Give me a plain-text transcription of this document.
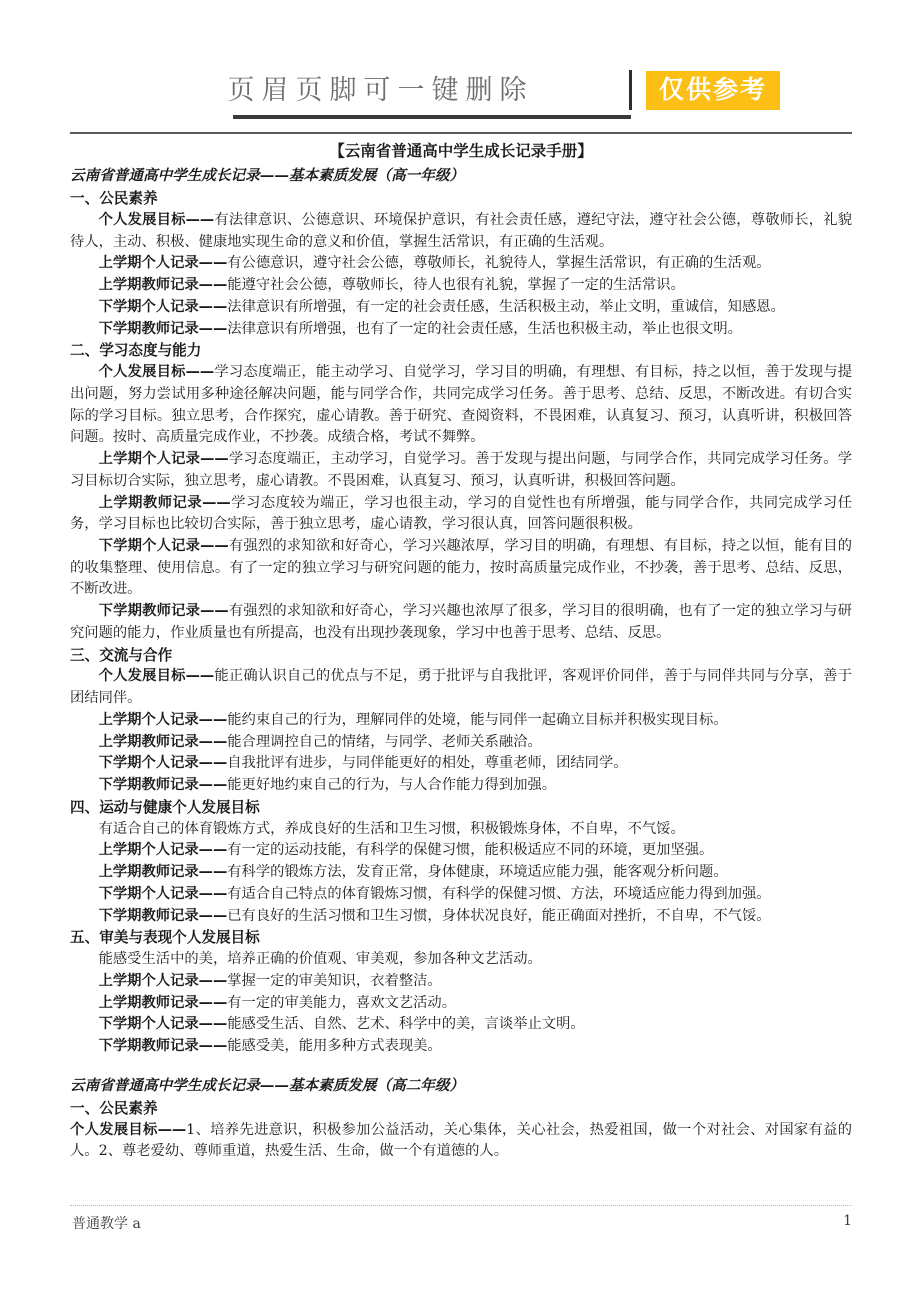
页眉页脚可一键删除	仅供参考
【云南省普通高中学生成长记录手册】
云南省普通高中学生成长记录——基本素质发展（高一年级）
一、公民素养

个人发展目标——有法律意识、公德意识、环境保护意识，有社会责任感，遵纪守法，遵守社会公德，尊敬师长，礼貌待人，主动、积极、健康地实现生命的意义和价值，掌握生活常识，有正确的生活观。

上学期个人记录——有公德意识，遵守社会公德，尊敬师长，礼貌待人，掌握生活常识，有正确的生活观。

上学期教师记录——能遵守社会公德，尊敬师长，待人也很有礼貌，掌握了一定的生活常识。

下学期个人记录——法律意识有所增强，有一定的社会责任感，生活积极主动，举止文明，重诚信，知感恩。

下学期教师记录——法律意识有所增强，也有了一定的社会责任感，生活也积极主动，举止也很文明。

二、学习态度与能力

个人发展目标——学习态度端正，能主动学习、自觉学习，学习目的明确，有理想、有目标，持之以恒，善于发现与提出问题，努力尝试用多种途径解决问题，能与同学合作，共同完成学习任务。善于思考、总结、反思，不断改进。有切合实际的学习目标。独立思考，合作探究，虚心请教。善于研究、查阅资料，不畏困难，认真复习、预习，认真听讲，积极回答问题。按时、高质量完成作业，不抄袭。成绩合格，考试不舞弊。

上学期个人记录——学习态度端正，主动学习，自觉学习。善于发现与提出问题，与同学合作，共同完成学习任务。学习目标切合实际，独立思考，虚心请教。不畏困难，认真复习、预习，认真听讲，积极回答问题。

上学期教师记录——学习态度较为端正，学习也很主动，学习的自觉性也有所增强，能与同学合作，共同完成学习任务，学习目标也比较切合实际，善于独立思考，虚心请教，学习很认真，回答问题很积极。

下学期个人记录——有强烈的求知欲和好奇心，学习兴趣浓厚，学习目的明确，有理想、有目标，持之以恒，能有目的的收集整理、使用信息。有了一定的独立学习与研究问题的能力，按时高质量完成作业，不抄袭，善于思考、总结、反思，不断改进。

下学期教师记录——有强烈的求知欲和好奇心，学习兴趣也浓厚了很多，学习目的很明确，也有了一定的独立学习与研究问题的能力，作业质量也有所提高，也没有出现抄袭现象，学习中也善于思考、总结、反思。

三、交流与合作

个人发展目标——能正确认识自己的优点与不足，勇于批评与自我批评，客观评价同伴，善于与同伴共同与分享，善于团结同伴。

上学期个人记录——能约束自己的行为，理解同伴的处境，能与同伴一起确立目标并积极实现目标。

上学期教师记录——能合理调控自己的情绪，与同学、老师关系融洽。

下学期个人记录——自我批评有进步，与同伴能更好的相处，尊重老师，团结同学。

下学期教师记录——能更好地约束自己的行为，与人合作能力得到加强。

四、运动与健康个人发展目标

有适合自己的体育锻炼方式，养成良好的生活和卫生习惯，积极锻炼身体，不自卑，不气馁。

上学期个人记录——有一定的运动技能，有科学的保健习惯，能积极适应不同的环境，更加坚强。

上学期教师记录——有科学的锻炼方法，发育正常，身体健康，环境适应能力强，能客观分析问题。

下学期个人记录——有适合自己特点的体育锻炼习惯，有科学的保健习惯、方法，环境适应能力得到加强。

下学期教师记录——已有良好的生活习惯和卫生习惯，身体状况良好，能正确面对挫折，不自卑，不气馁。

五、审美与表现个人发展目标

能感受生活中的美，培养正确的价值观、审美观，参加各种文艺活动。

上学期个人记录——掌握一定的审美知识，衣着整洁。

上学期教师记录——有一定的审美能力，喜欢文艺活动。

下学期个人记录——能感受生活、自然、艺术、科学中的美，言谈举止文明。

下学期教师记录——能感受美，能用多种方式表现美。

云南省普通高中学生成长记录——基本素质发展（高二年级）
一、公民素养

个人发展目标——1、培养先进意识，积极参加公益活动，关心集体，关心社会，热爱祖国，做一个对社会、对国家有益的人。2、尊老爱幼、尊师重道，热爱生活、生命，做一个有道德的人。

普通教学 a	1
